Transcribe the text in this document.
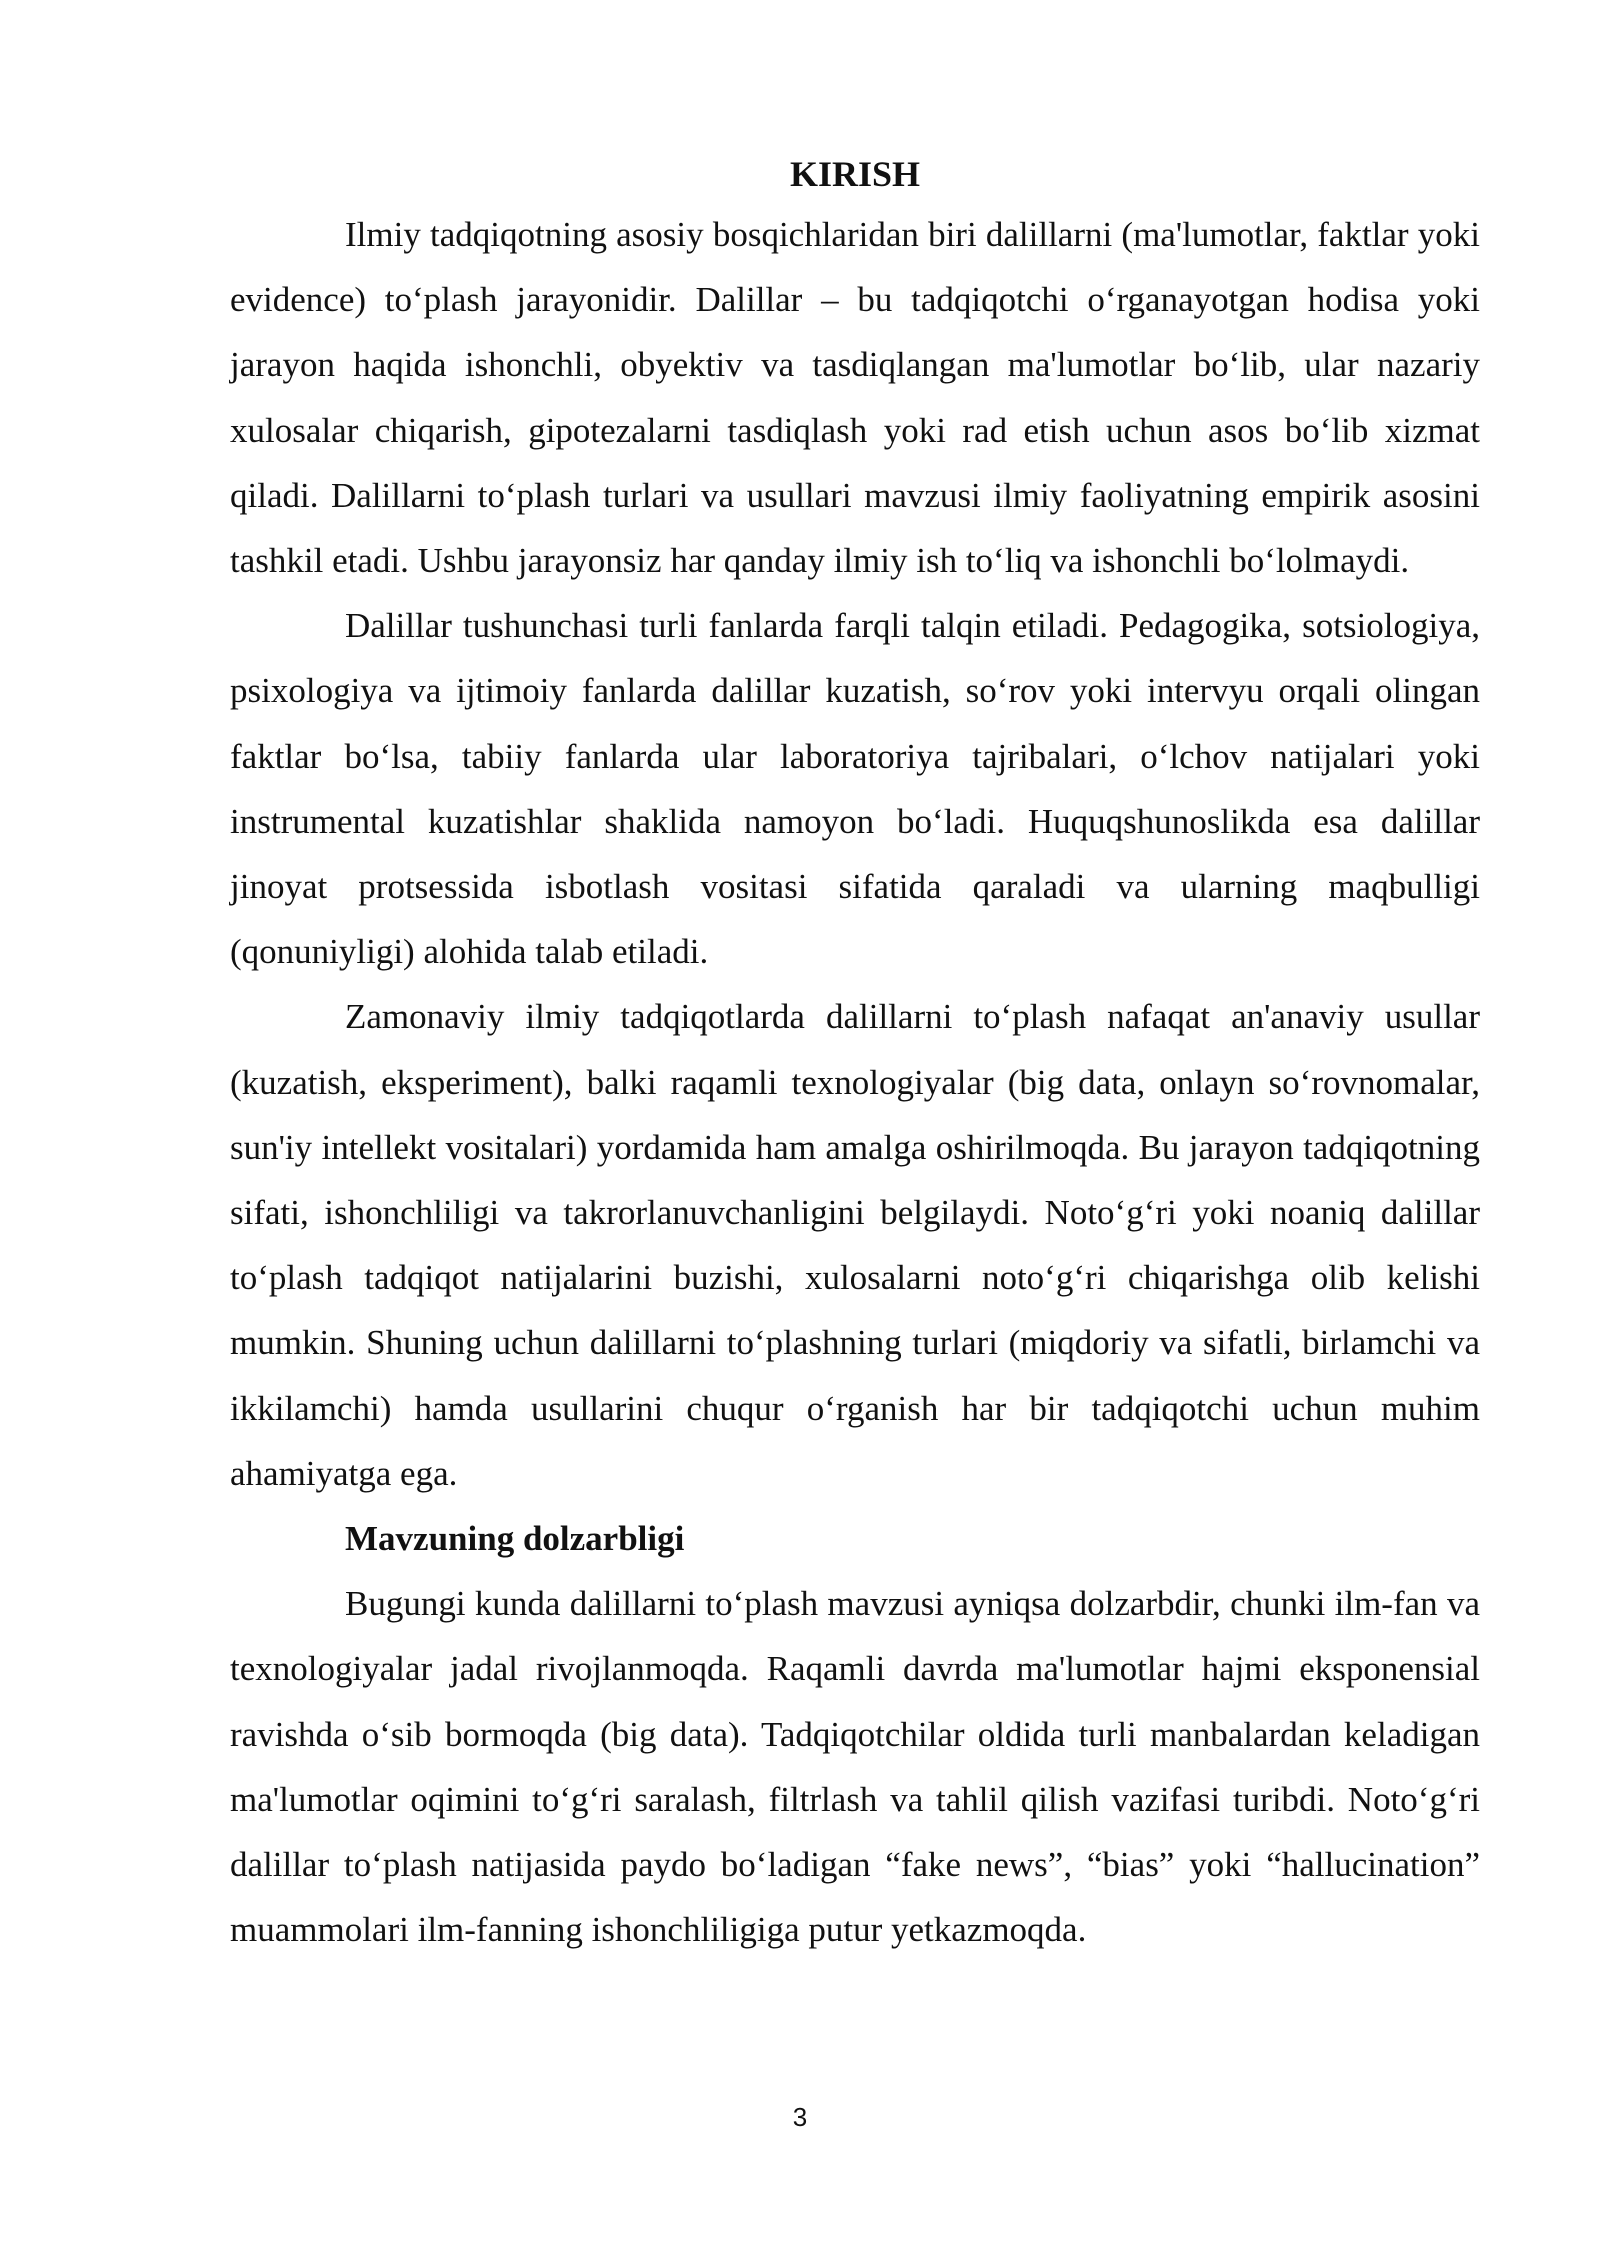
KIRISH

Ilmiy tadqiqotning asosiy bosqichlaridan biri dalillarni (ma'lumotlar, faktlar yoki evidence) to‘plash jarayonidir. Dalillar – bu tadqiqotchi o‘rganayotgan hodisa yoki jarayon haqida ishonchli, obyektiv va tasdiqlangan ma'lumotlar bo‘lib, ular nazariy xulosalar chiqarish, gipotezalarni tasdiqlash yoki rad etish uchun asos bo‘lib xizmat qiladi. Dalillarni to‘plash turlari va usullari mavzusi ilmiy faoliyatning empirik asosini tashkil etadi. Ushbu jarayonsiz har qanday ilmiy ish to‘liq va ishonchli bo‘lolmaydi.

Dalillar tushunchasi turli fanlarda farqli talqin etiladi. Pedagogika, sotsiologiya, psixologiya va ijtimoiy fanlarda dalillar kuzatish, so‘rov yoki intervyu orqali olingan faktlar bo‘lsa, tabiiy fanlarda ular laboratoriya tajribalari, o‘lchov natijalari yoki instrumental kuzatishlar shaklida namoyon bo‘ladi. Huquqshunoslikda esa dalillar jinoyat protsessida isbotlash vositasi sifatida qaraladi va ularning maqbulligi (qonuniyligi) alohida talab etiladi.

Zamonaviy ilmiy tadqiqotlarda dalillarni to‘plash nafaqat an'anaviy usullar (kuzatish, eksperiment), balki raqamli texnologiyalar (big data, onlayn so‘rovnomalar, sun'iy intellekt vositalari) yordamida ham amalga oshirilmoqda. Bu jarayon tadqiqotning sifati, ishonchliligi va takrorlanuvchanligini belgilaydi. Noto‘g‘ri yoki noaniq dalillar to‘plash tadqiqot natijalarini buzishi, xulosalarni noto‘g‘ri chiqarishga olib kelishi mumkin. Shuning uchun dalillarni to‘plashning turlari (miqdoriy va sifatli, birlamchi va ikkilamchi) hamda usullarini chuqur o‘rganish har bir tadqiqotchi uchun muhim ahamiyatga ega.

Mavzuning dolzarbligi

Bugungi kunda dalillarni to‘plash mavzusi ayniqsa dolzarbdir, chunki ilm-fan va texnologiyalar jadal rivojlanmoqda. Raqamli davrda ma'lumotlar hajmi eksponensial ravishda o‘sib bormoqda (big data). Tadqiqotchilar oldida turli manbalardan keladigan ma'lumotlar oqimini to‘g‘ri saralash, filtrlash va tahlil qilish vazifasi turibdi. Noto‘g‘ri dalillar to‘plash natijasida paydo bo‘ladigan “fake news”, “bias” yoki “hallucination” muammolari ilm-fanning ishonchliligiga putur yetkazmoqda.

3
